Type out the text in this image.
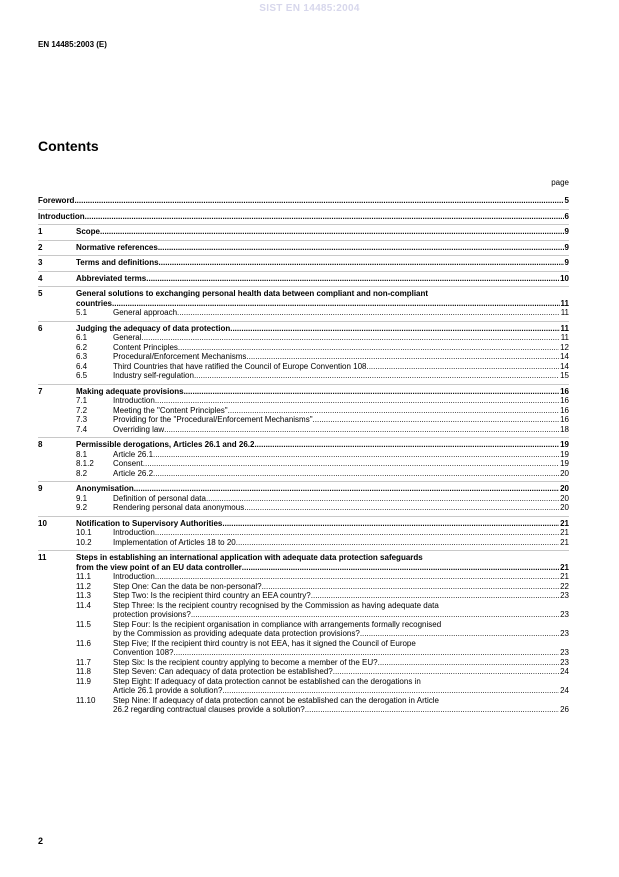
SIST EN 14485:2004
EN 14485:2003 (E)
Contents
page
Foreword .....	5
Introduction .....	6
1	Scope .....	9
2	Normative references .....	9
3	Terms and definitions .....	9
4	Abbreviated terms .....	10
5	General solutions to exchanging personal health data between compliant and non-compliant
countries .....	11
5.1	General approach .....	11
6	Judging the adequacy of data protection .....	11
6.1	General .....	11
6.2	Content Principles .....	12
6.3	Procedural/Enforcement Mechanisms .....	14
6.4	Third Countries that have ratified the Council of Europe Convention 108 .....	14
6.5	Industry self-regulation .....	15
7	Making adequate provisions .....	16
7.1	Introduction .....	16
7.2	Meeting the "Content Principles" .....	16
7.3	Providing for the "Procedural/Enforcement Mechanisms" .....	16
7.4	Overriding law .....	18
8	Permissible derogations, Articles 26.1 and 26.2 .....	19
8.1	Article 26.1 .....	19
8.1.2 Consent .....	19
8.2	Article 26.2 .....	20
9	Anonymisation .....	20
9.1	Definition of personal data .....	20
9.2	Rendering personal data anonymous .....	20
10	Notification to Supervisory Authorities .....	21
10.1	Introduction .....	21
10.2	Implementation of Articles 18 to 20 .....	21
11	Steps in establishing an international application with adequate data protection safeguards
from the view point of an EU data controller .....	21
11.1	Introduction .....	21
11.2	Step One: Can the data be non-personal? .....	22
11.3	Step Two: Is the recipient third country an EEA country? .....	23
11.4	Step Three: Is the recipient country recognised by the Commission as having adequate data
protection provisions? .....	23
11.5	Step Four: Is the recipient organisation in compliance with arrangements formally recognised
by the Commission as providing adequate data protection provisions? .....	23
11.6	Step Five; If the recipient third country is not EEA, has it signed the Council of Europe
Convention 108? .....	23
11.7	Step Six: Is the recipient country applying to become a member of the EU? .....	23
11.8	Step Seven: Can adequacy of data protection be established? .....	24
11.9	Step Eight: If adequacy of data protection cannot be established can the derogations in
Article 26.1 provide a solution? .....	24
11.10 Step Nine: If adequacy of data protection cannot be established can the derogation in Article
26.2 regarding contractual clauses provide a solution? .....	26
2
